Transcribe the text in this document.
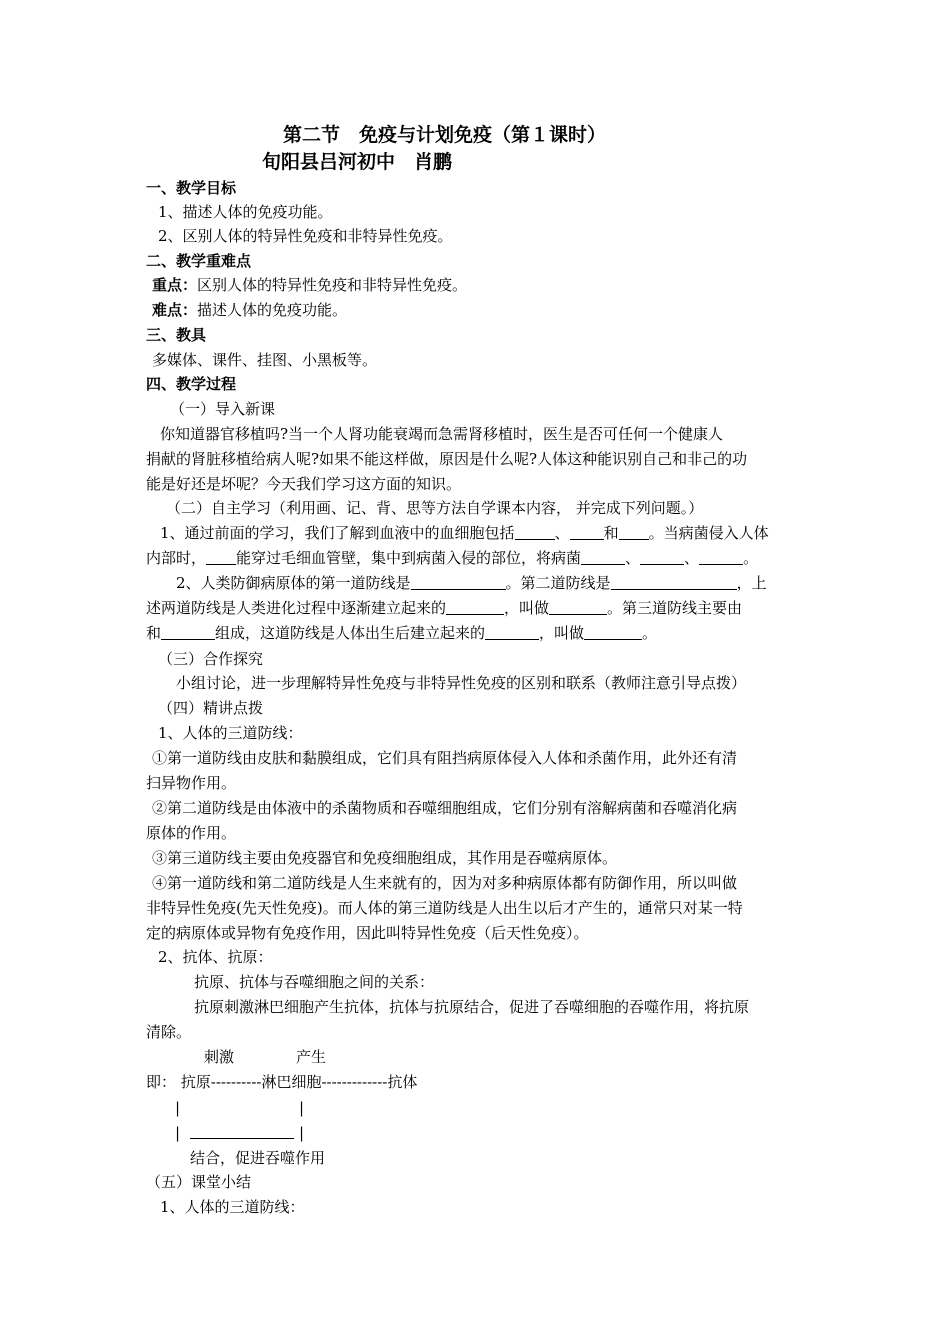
第二节　免疫与计划免疫（第１课时）
旬阳县吕河初中　肖鹏
一、教学目标
1、描述人体的免疫功能。
2、区别人体的特异性免疫和非特异性免疫。
二、教学重难点
重点：区别人体的特异性免疫和非特异性免疫。
难点：描述人体的免疫功能。
三、教具
多媒体、课件、挂图、小黑板等。
四、教学过程
（一）导入新课
你知道器官移植吗?当一个人肾功能衰竭而急需肾移植时，医生是否可任何一个健康人
捐献的肾脏移植给病人呢?如果不能这样做，原因是什么呢?人体这种能识别自己和非己的功
能是好还是坏呢？今天我们学习这方面的知识。
（二）自主学习（利用画、记、背、思等方法自学课本内容， 并完成下列问题。）
1、通过前面的学习，我们了解到血液中的血细胞包括	、 和 。当病菌侵入人体
内部时， 能穿过毛细血管壁，集中到病菌入侵的部位，将病菌	、	、	。
2、人类防御病原体的第一道防线是	。第二道防线是	，上
述两道防线是人类进化过程中逐渐建立起来的	，叫做	。第三道防线主要由
和	组成，这道防线是人体出生后建立起来的	，叫做	。
（三）合作探究
小组讨论，进一步理解特异性免疫与非特异性免疫的区别和联系（教师注意引导点拨）
（四）精讲点拨
1、人体的三道防线：
①第一道防线由皮肤和黏膜组成，它们具有阻挡病原体侵入人体和杀菌作用，此外还有清
扫异物作用。
②第二道防线是由体液中的杀菌物质和吞噬细胞组成，它们分别有溶解病菌和吞噬消化病
原体的作用。
③第三道防线主要由免疫器官和免疫细胞组成，其作用是吞噬病原体。
④第一道防线和第二道防线是人生来就有的，因为对多种病原体都有防御作用，所以叫做
非特异性免疫(先天性免疫)。而人体的第三道防线是人出生以后才产生的，通常只对某一特
定的病原体或异物有免疫作用，因此叫特异性免疫（后天性免疫）。
2、抗体、抗原：
抗原、抗体与吞噬细胞之间的关系：
抗原刺激淋巴细胞产生抗体，抗体与抗原结合，促进了吞噬细胞的吞噬作用，将抗原
清除。
刺激	产生
即： 抗原----------淋巴细胞-------------抗体
|	|
|	|
结合，促进吞噬作用
（五）课堂小结
1、人体的三道防线：
